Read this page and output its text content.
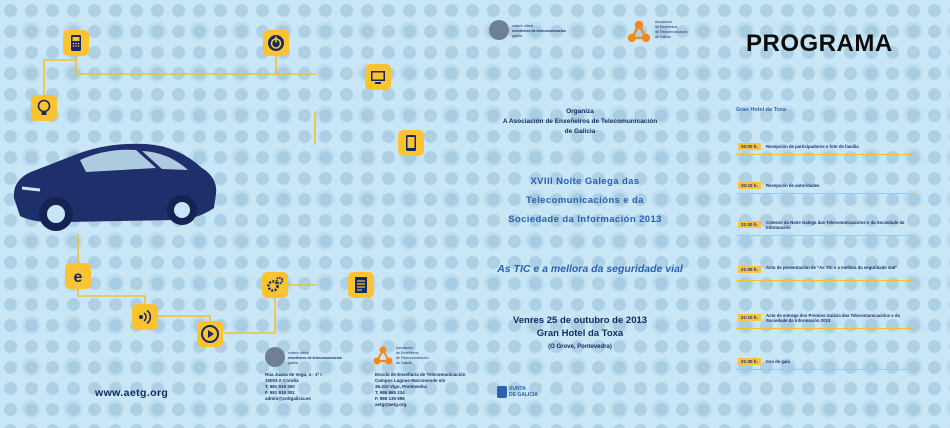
e
colexio oficial
enxeñeiros de telecomunicación
galicia
Rúa Juana de Vega, 4 - 1º I
15003 A Coruña
T. 981 919 300
F. 981 919 301
admin@coitgalicia.es
Asociación
de Enxeñeiros
de Telecomunicación
de Galicia
Escola de Enxeñaría de Telecomunicación
Campus Lagoas-Marcosende s/n
36.310 Vigo, Pontevedra
T. 986 865 234
F. 986 135 996
aetg@aetg.org
www.aetg.org
colexio oficial
enxeñeiros de telecomunicación
galicia
Asociación
de Enxeñeiros
de Telecomunicación
de Galicia
Organiza
A Asociación de Enxeñeiros de Telecomunicación
de Galicia
XVIII Noite Galega das
Telecomunicacións e da
Sociedade da Información 2013
As TIC e a mellora da seguridade vial
Venres 25 de outubro de 2013
Gran Hotel da Toxa
(O Grove, Pontevedra)
XUNTA
DE GALICIA
PROGRAMA
Gran Hotel da Toxa
20:00 h.	Recepción de participadores e foto de familia
20:15 h.	Recepción de autoridades
21:00 h.	Comezo da Noite Galega das Telecomunicacións e da Sociedade da Información
21:05 h.	Acto de presentación de "As TIC e a mellora da seguridade vial"
21:10 h.	Acto de entrega dos Premios Galicia das Telecomunicacións e da Sociedade da Información 2013
21:35 h.	Cea de gala
